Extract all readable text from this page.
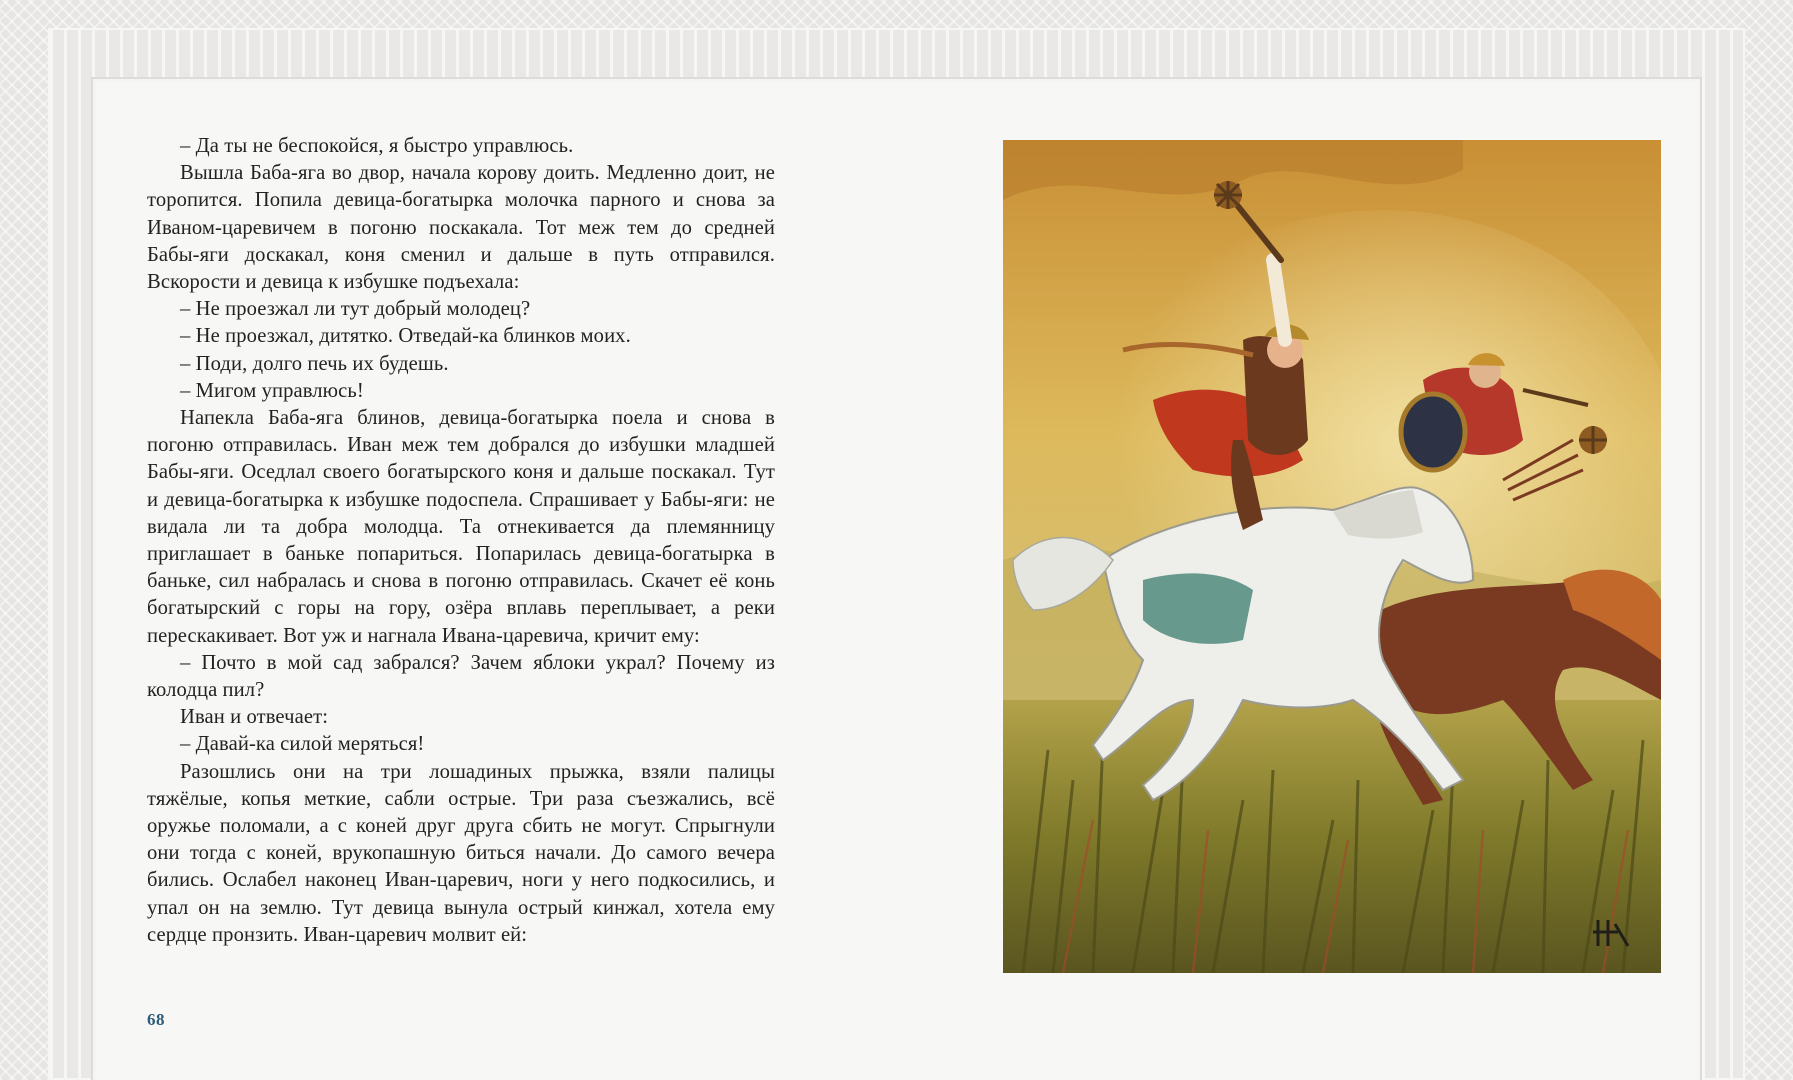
– Да ты не беспокойся, я быстро управлюсь.

Вышла Баба-яга во двор, начала корову доить. Медленно доит, не торопится. Попила девица-богатырка молочка парного и снова за Иваном-царевичем в погоню поскакала. Тот меж тем до средней Бабы-яги доскакал, коня сменил и дальше в путь отправился. Вскорости и девица к избушке подъехала:

– Не проезжал ли тут добрый молодец?

– Не проезжал, дитятко. Отведай-ка блинков моих.

– Поди, долго печь их будешь.

– Мигом управлюсь!

Напекла Баба-яга блинов, девица-богатырка поела и снова в погоню отправилась. Иван меж тем добрался до избушки младшей Бабы-яги. Оседлал своего богатырского коня и дальше поскакал. Тут и девица-богатырка к избушке подоспела. Спрашивает у Бабы-яги: не видала ли та добра молодца. Та отнекивается да племянницу приглашает в баньке попариться. Попарилась девица-богатырка в баньке, сил набралась и снова в погоню отправилась. Скачет её конь богатырский с горы на гору, озёра вплавь переплывает, а реки перескакивает. Вот уж и нагнала Ивана-царевича, кричит ему:

– Почто в мой сад забрался? Зачем яблоки украл? Почему из колодца пил?

Иван и отвечает:

– Давай-ка силой меряться!

Разошлись они на три лошадиных прыжка, взяли палицы тяжёлые, копья меткие, сабли острые. Три раза съезжались, всё оружье поломали, а с коней друг друга сбить не могут. Спрыгнули они тогда с коней, врукопашную биться начали. До самого вечера бились. Ослабел наконец Иван-царевич, ноги у него подкосились, и упал он на землю. Тут девица вынула острый кинжал, хотела ему сердце пронзить. Иван-царевич молвит ей:

68
